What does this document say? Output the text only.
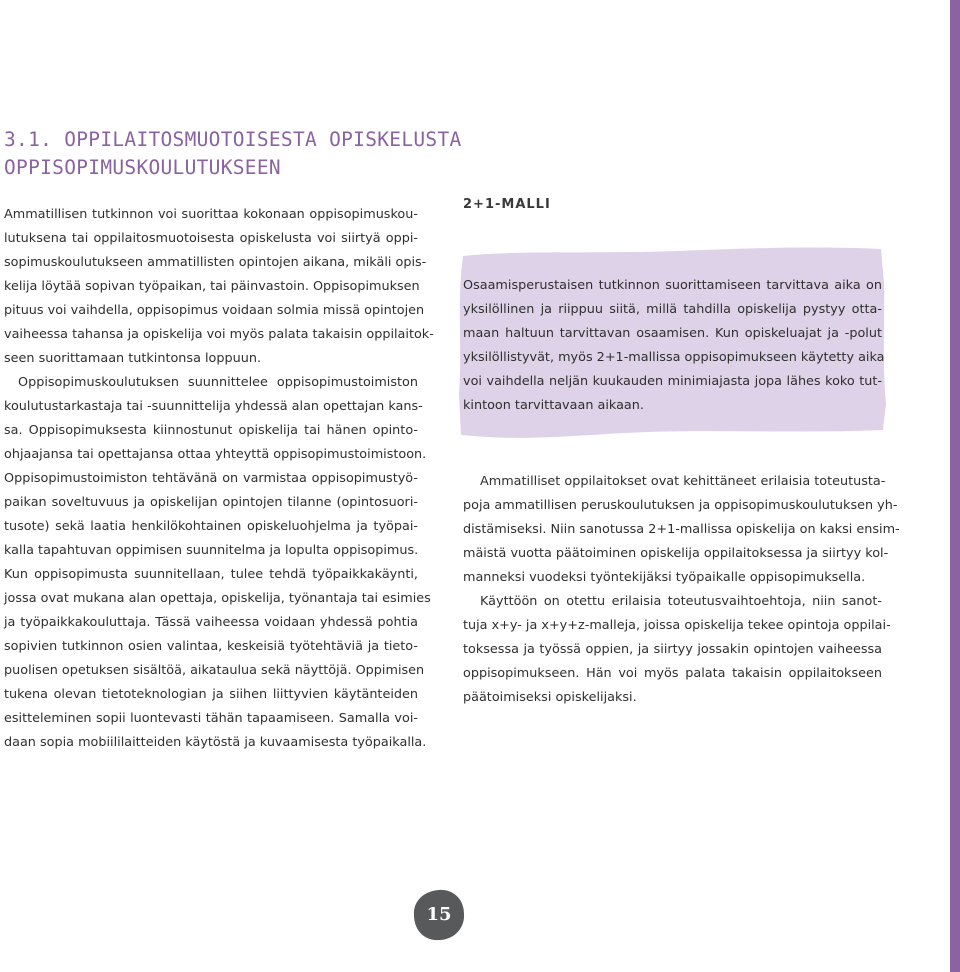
3.1. OPPILAITOSMUOTOISESTA OPISKELUSTA
OPPISOPIMUSKOULUTUKSEEN
Ammatillisen tutkinnon voi suorittaa kokonaan oppisopimuskou-
lutuksena tai oppilaitosmuotoisesta opiskelusta voi siirtyä oppi-
sopimuskoulutukseen ammatillisten opintojen aikana, mikäli opis-
kelija löytää sopivan työpaikan, tai päinvastoin. Oppisopimuksen
pituus voi vaihdella, oppisopimus voidaan solmia missä opintojen
vaiheessa tahansa ja opiskelija voi myös palata takaisin oppilaitok-
seen suorittamaan tutkintonsa loppuun.
Oppisopimuskoulutuksen suunnittelee oppisopimustoimiston
koulutustarkastaja tai -suunnittelija yhdessä alan opettajan kans-
sa. Oppisopimuksesta kiinnostunut opiskelija tai hänen opinto-
ohjaajansa tai opettajansa ottaa yhteyttä oppisopimustoimistoon.
Oppisopimustoimiston tehtävänä on varmistaa oppisopimustyö-
paikan soveltuvuus ja opiskelijan opintojen tilanne (opintosuori-
tusote) sekä laatia henkilökohtainen opiskeluohjelma ja työpai-
kalla tapahtuvan oppimisen suunnitelma ja lopulta oppisopimus.
Kun oppisopimusta suunnitellaan, tulee tehdä työpaikkakäynti,
jossa ovat mukana alan opettaja, opiskelija, työnantaja tai esimies
ja työpaikkakouluttaja. Tässä vaiheessa voidaan yhdessä pohtia
sopivien tutkinnon osien valintaa, keskeisiä työtehtäviä ja tieto-
puolisen opetuksen sisältöä, aikataulua sekä näyttöjä. Oppimisen
tukena olevan tietoteknologian ja siihen liittyvien käytänteiden
esitteleminen sopii luontevasti tähän tapaamiseen. Samalla voi-
daan sopia mobiililaitteiden käytöstä ja kuvaamisesta työpaikalla.
2+1-MALLI
Osaamisperustaisen tutkinnon suorittamiseen tarvittava aika on
yksilöllinen ja riippuu siitä, millä tahdilla opiskelija pystyy otta-
maan haltuun tarvittavan osaamisen. Kun opiskeluajat ja -polut
yksilöllistyvät, myös 2+1-mallissa oppisopimukseen käytetty aika
voi vaihdella neljän kuukauden minimiajasta jopa lähes koko tut-
kintoon tarvittavaan aikaan.
Ammatilliset oppilaitokset ovat kehittäneet erilaisia toteutusta-
poja ammatillisen peruskoulutuksen ja oppisopimuskoulutuksen yh-
distämiseksi. Niin sanotussa 2+1-mallissa opiskelija on kaksi ensim-
mäistä vuotta päätoiminen opiskelija oppilaitoksessa ja siirtyy kol-
manneksi vuodeksi työntekijäksi työpaikalle oppisopimuksella.
Käyttöön on otettu erilaisia toteutusvaihtoehtoja, niin sanot-
tuja x+y- ja x+y+z-malleja, joissa opiskelija tekee opintoja oppilai-
toksessa ja työssä oppien, ja siirtyy jossakin opintojen vaiheessa
oppisopimukseen. Hän voi myös palata takaisin oppilaitokseen
päätoimiseksi opiskelijaksi.
15
